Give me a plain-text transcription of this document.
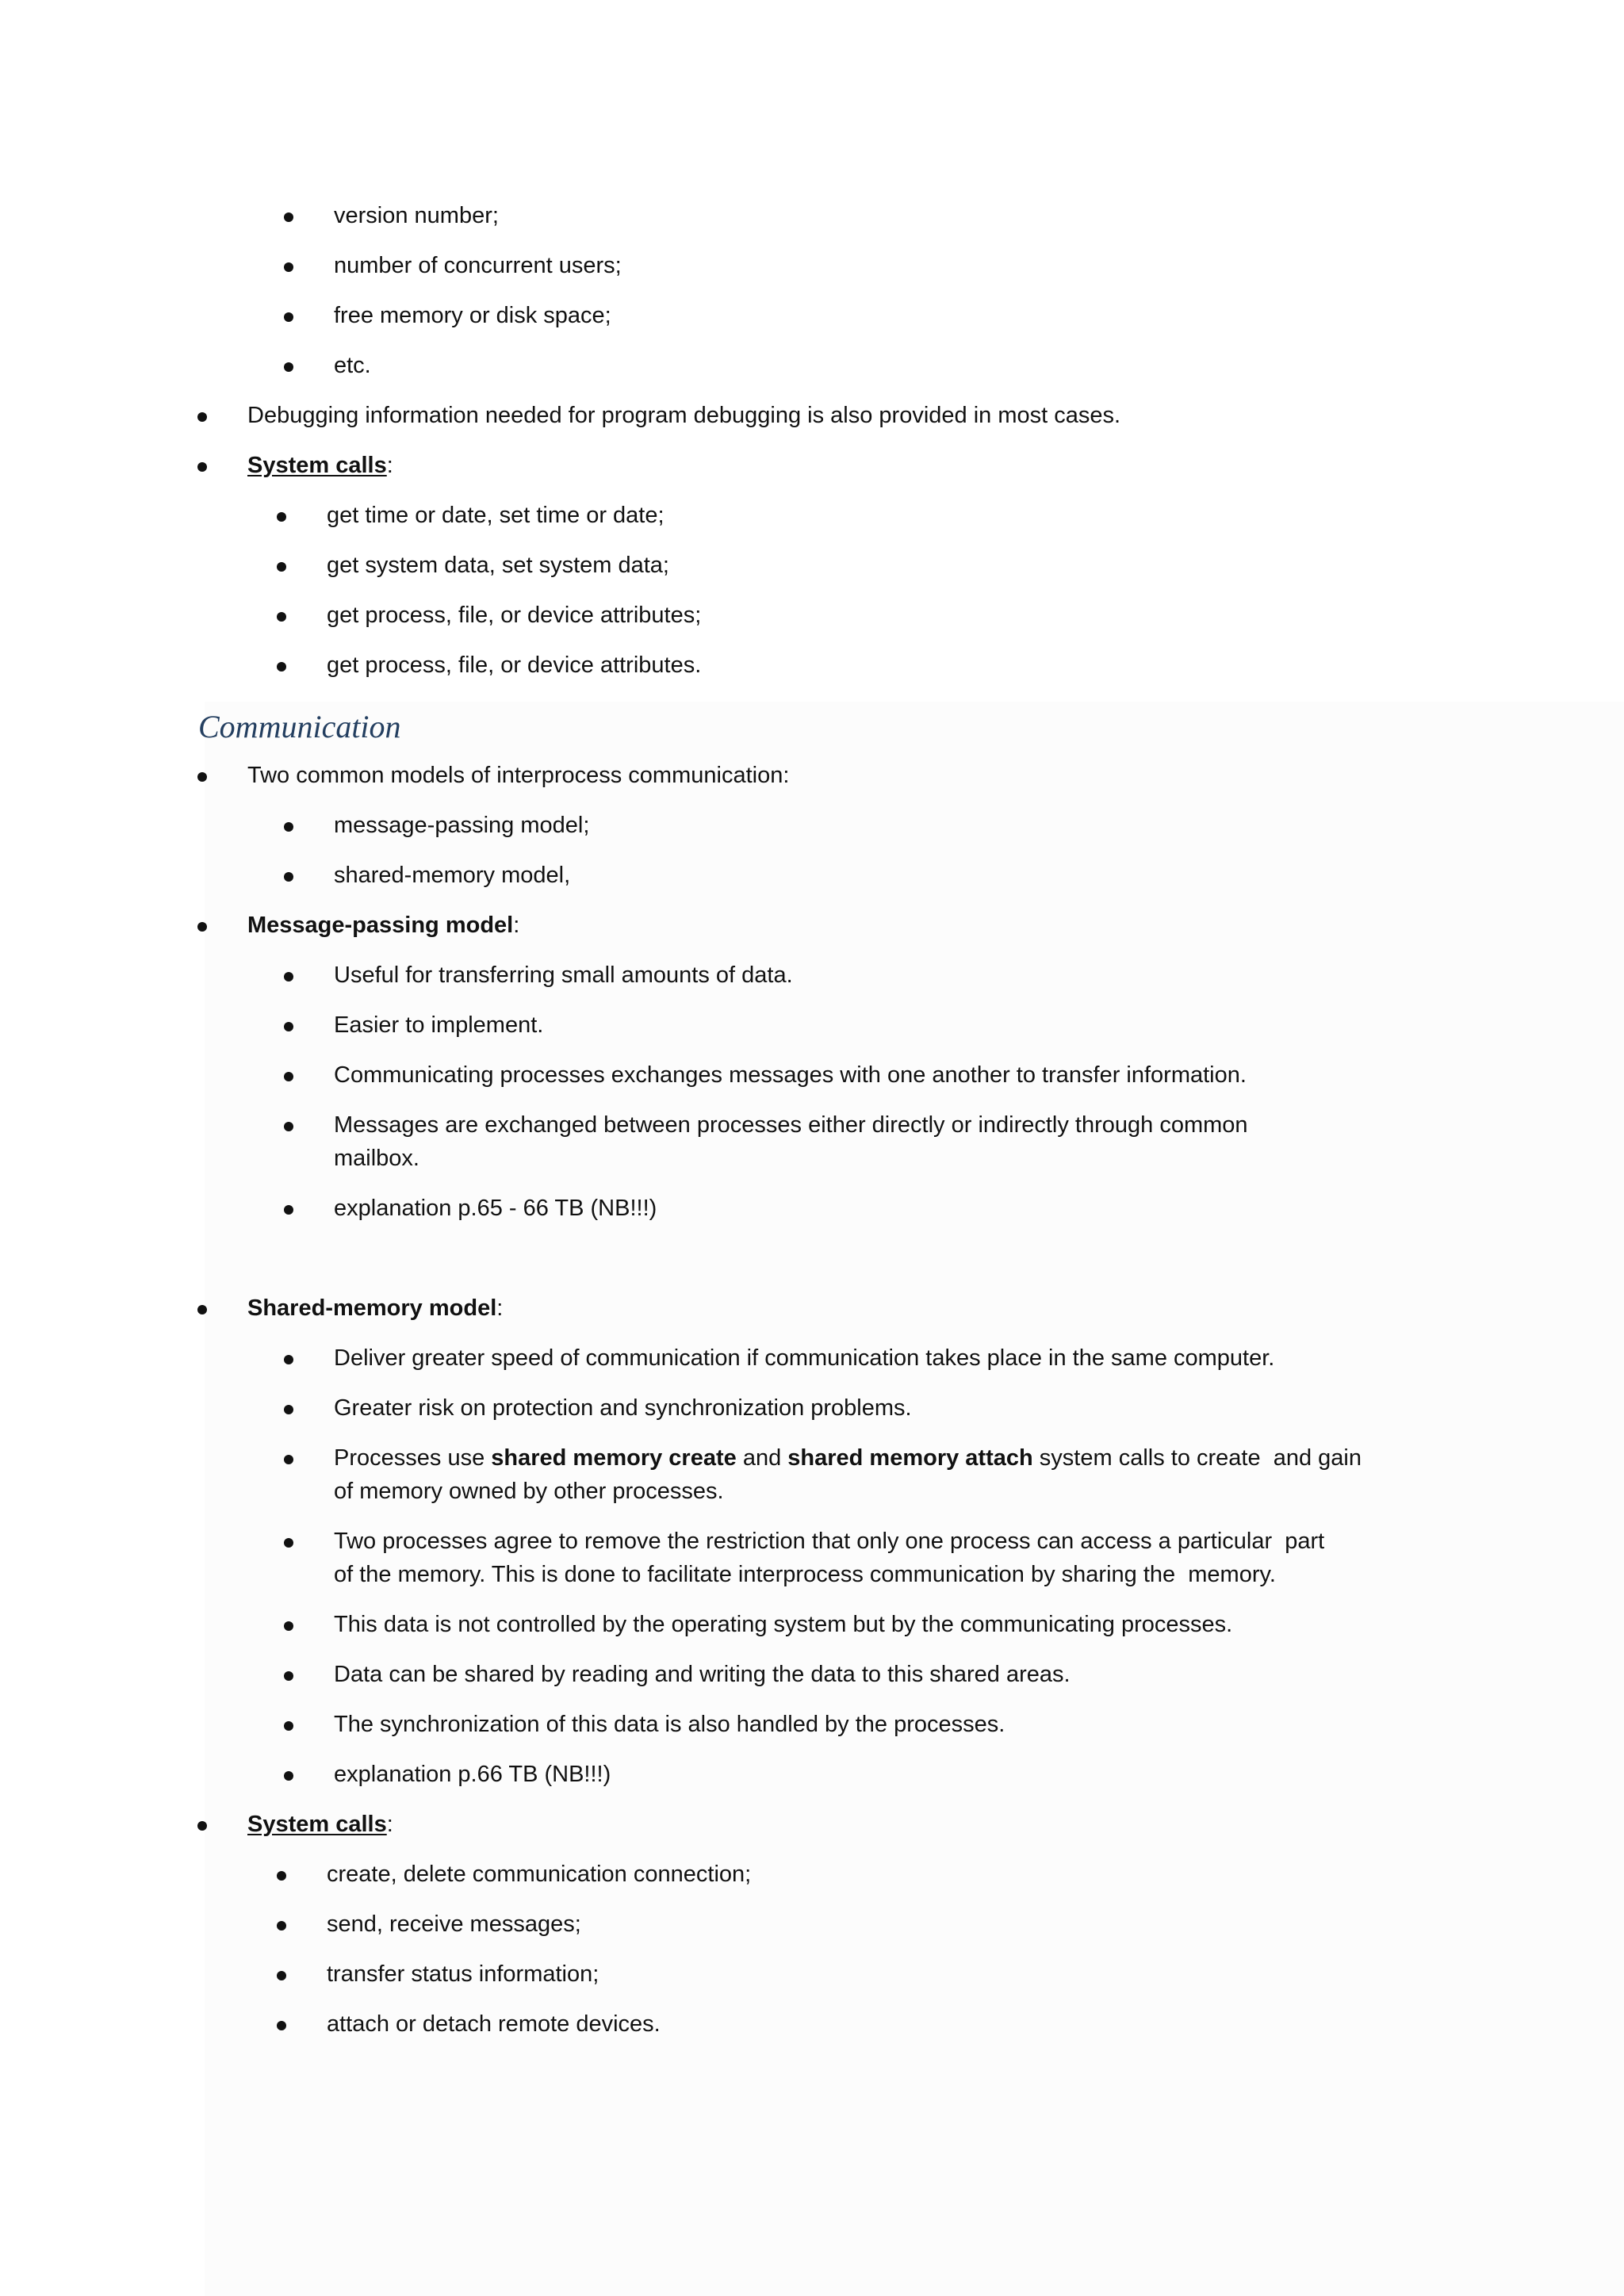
version number;
number of concurrent users;
free memory or disk space;
etc.
Debugging information needed for program debugging is also provided in most cases.
System calls:
get time or date, set time or date;
get system data, set system data;
get process, file, or device attributes;
get process, file, or device attributes.
Communication
Two common models of interprocess communication:
message-passing model;
shared-memory model,
Message-passing model:
Useful for transferring small amounts of data.
Easier to implement.
Communicating processes exchanges messages with one another to transfer information.
Messages are exchanged between processes either directly or indirectly through common
mailbox.
explanation p.65 - 66 TB (NB!!!)
Shared-memory model:
Deliver greater speed of communication if communication takes place in the same computer.
Greater risk on protection and synchronization problems.
Processes use shared memory create and shared memory attach system calls to create  and gain
of memory owned by other processes.
Two processes agree to remove the restriction that only one process can access a particular  part
of the memory. This is done to facilitate interprocess communication by sharing the  memory.
This data is not controlled by the operating system but by the communicating processes.
Data can be shared by reading and writing the data to this shared areas.
The synchronization of this data is also handled by the processes.
explanation p.66 TB (NB!!!)
System calls:
create, delete communication connection;
send, receive messages;
transfer status information;
attach or detach remote devices.
